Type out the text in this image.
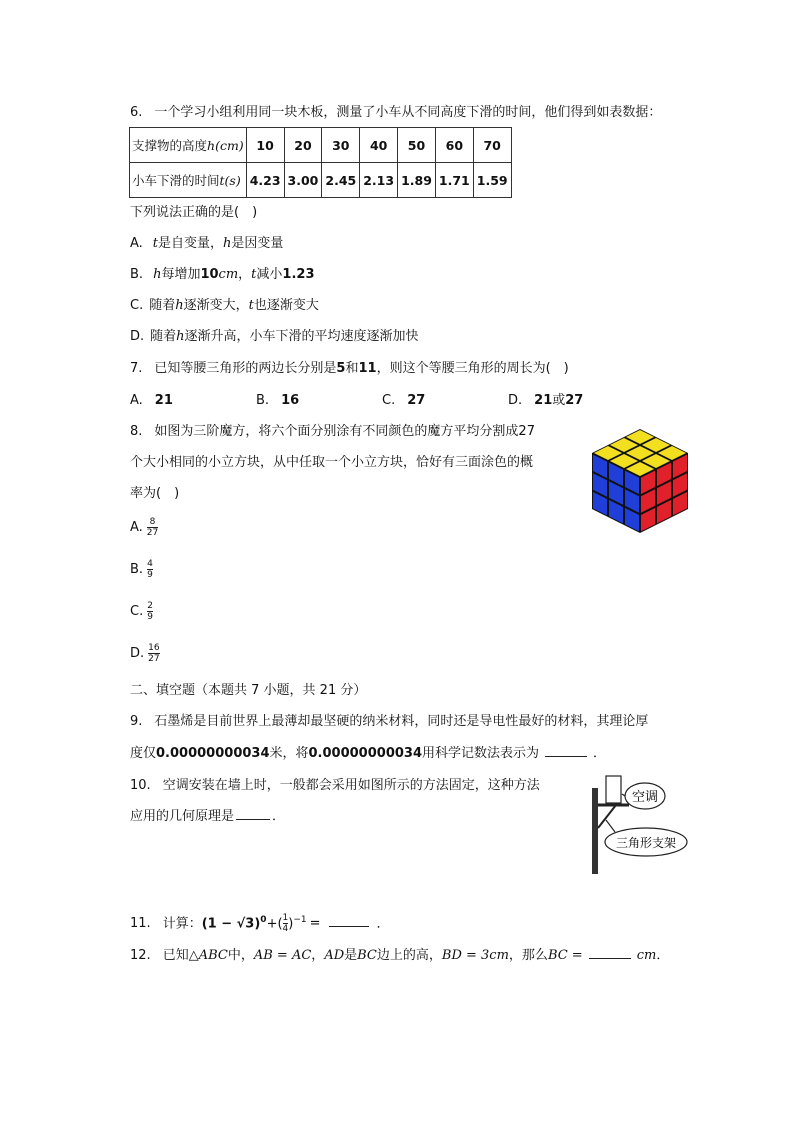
6. 一个学习小组利用同一块木板，测量了小车从不同高度下滑的时间，他们得到如表数据：
支撑物的高度h(cm)	10	20	30	40	50	60	70
小车下滑的时间t(s)	4.23	3.00	2.45	2.13	1.89	1.71	1.59
下列说法正确的是(　)
A. t是自变量，h是因变量
B. h每增加10cm，t减小1.23
C. 随着h逐渐变大，t也逐渐变大
D. 随着h逐渐升高，小车下滑的平均速度逐渐加快
7. 已知等腰三角形的两边长分别是5和11，则这个等腰三角形的周长为(　)
A. 21	B. 16	C. 27	D. 21或27
8. 如图为三阶魔方，将六个面分别涂有不同颜色的魔方平均分割成27
个大小相同的小立方块，从中任取一个小立方块，恰好有三面涂色的概
率为(　)
A. $\frac{8}{27}$
B. $\frac{4}{9}$
C. $\frac{2}{9}$
D. $\frac{16}{27}$
二、填空题（本题共 7 小题，共 21 分）
9. 石墨烯是目前世界上最薄却最坚硬的纳米材料，同时还是导电性最好的材料，其理论厚
度仅0.00000000034米，将0.00000000034用科学记数法表示为	．
10. 空调安装在墙上时，一般都会采用如图所示的方法固定，这种方法
应用的几何原理是	．
空调
三角形支架
11. 计算：$(1 - √3)^0+( \frac{1}{4} )^{-1}$ =	．
12. 已知△ABC中，AB = AC，AD是BC边上的高，BD = 3cm，那么BC =	cm．
